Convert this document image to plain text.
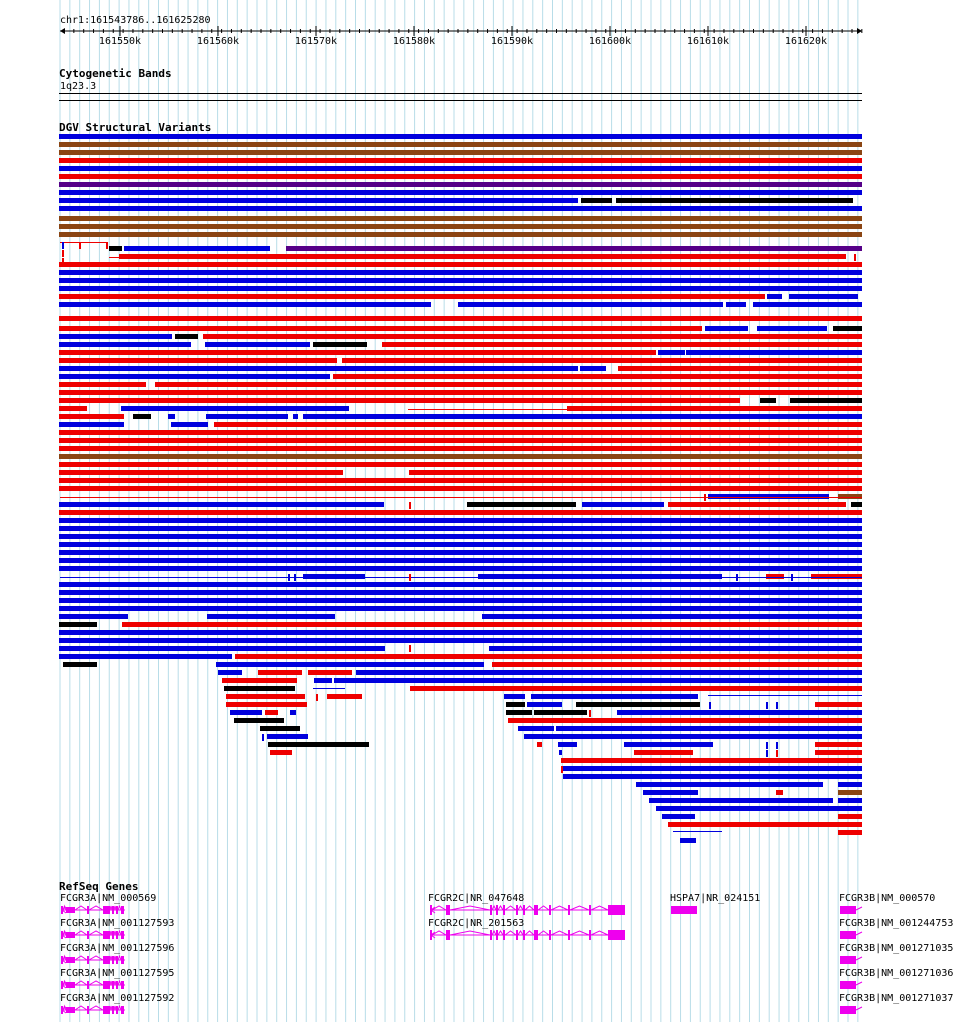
chr1:161543786..161625280
161550k	161560k	161570k	161580k	161590k	161600k	161610k	161620k
Cytogenetic Bands
1q23.3
DGV Structural Variants
RefSeq Genes
FCGR3A|NM_000569
FCGR3A|NM_001127593
FCGR3A|NM_001127596
FCGR3A|NM_001127595
FCGR3A|NM_001127592
FCGR2C|NR_047648
FCGR2C|NR_201563
HSPA7|NR_024151	FCGR3B|NM_000570
FCGR3B|NM_001244753
FCGR3B|NM_001271035
FCGR3B|NM_001271036
FCGR3B|NM_001271037
